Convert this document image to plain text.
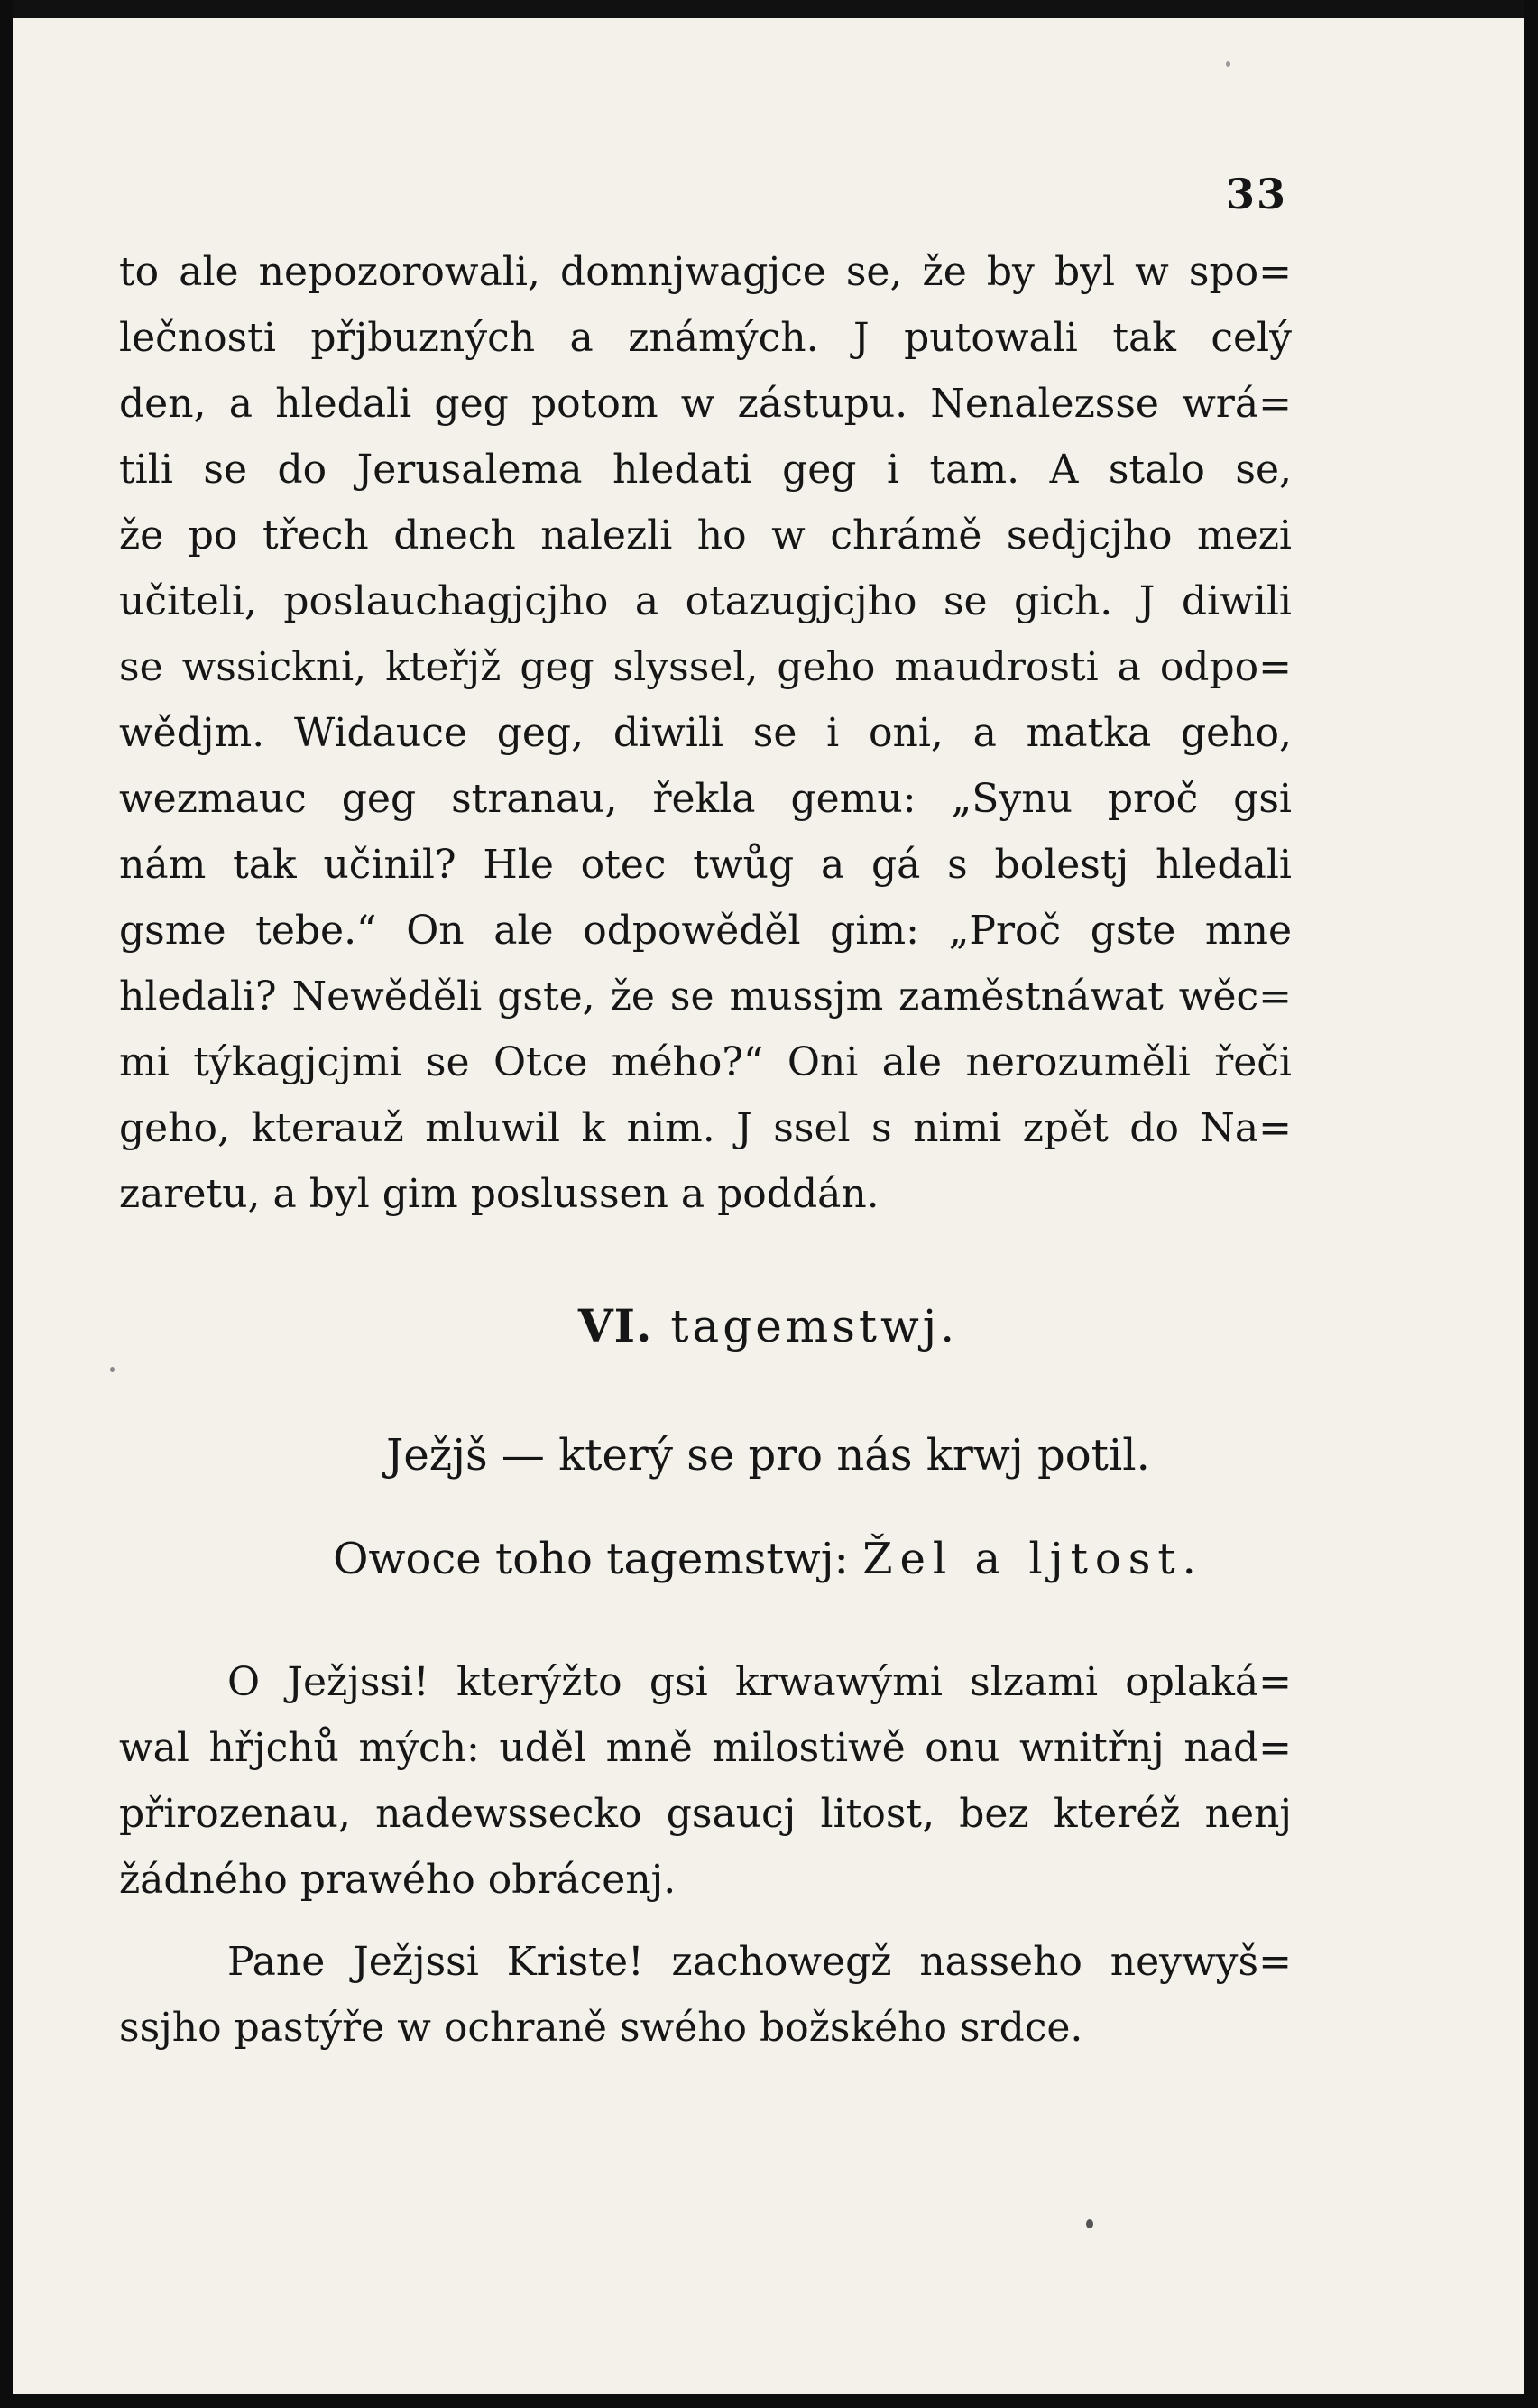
33
to ale nepozorowali, domnjwagjce se, že by byl w spo=
lečnosti přjbuzných a známých. J putowali tak celý
den, a hledali geg potom w zástupu. Nenalezsse wrá=
tili se do Jerusalema hledati geg i tam. A stalo se,
že po třech dnech nalezli ho w chrámě sedjcjho mezi
učiteli, poslauchagjcjho a otazugjcjho se gich. J diwili
se wssickni, kteřjž geg slyssel, geho maudrosti a odpo=
wědjm. Widauce geg, diwili se i oni, a matka geho,
wezmauc geg stranau, řekla gemu: „Synu proč gsi
nám tak učinil? Hle otec twůg a gá s bolestj hledali
gsme tebe.“ On ale odpowěděl gim: „Proč gste mne
hledali? Newěděli gste, že se mussjm zaměstnáwat wěc=
mi týkagjcjmi se Otce mého?“ Oni ale nerozuměli řeči
geho, kterauž mluwil k nim. J ssel s nimi zpět do Na=
zaretu, a byl gim poslussen a poddán.
VI. tagemstwj.
Ježjš — který se pro nás krwj potil.
Owoce toho tagemstwj: Žel a ljtost.
O Ježjssi! kterýžto gsi krwawými slzami oplaká=
wal hřjchů mých: uděl mně milostiwě onu wnitřnj nad=
přirozenau, nadewssecko gsaucj litost, bez kteréž nenj
žádného prawého obrácenj.
Pane Ježjssi Kriste! zachowegž nasseho neywyš=
ssjho pastýře w ochraně swého božského srdce.
